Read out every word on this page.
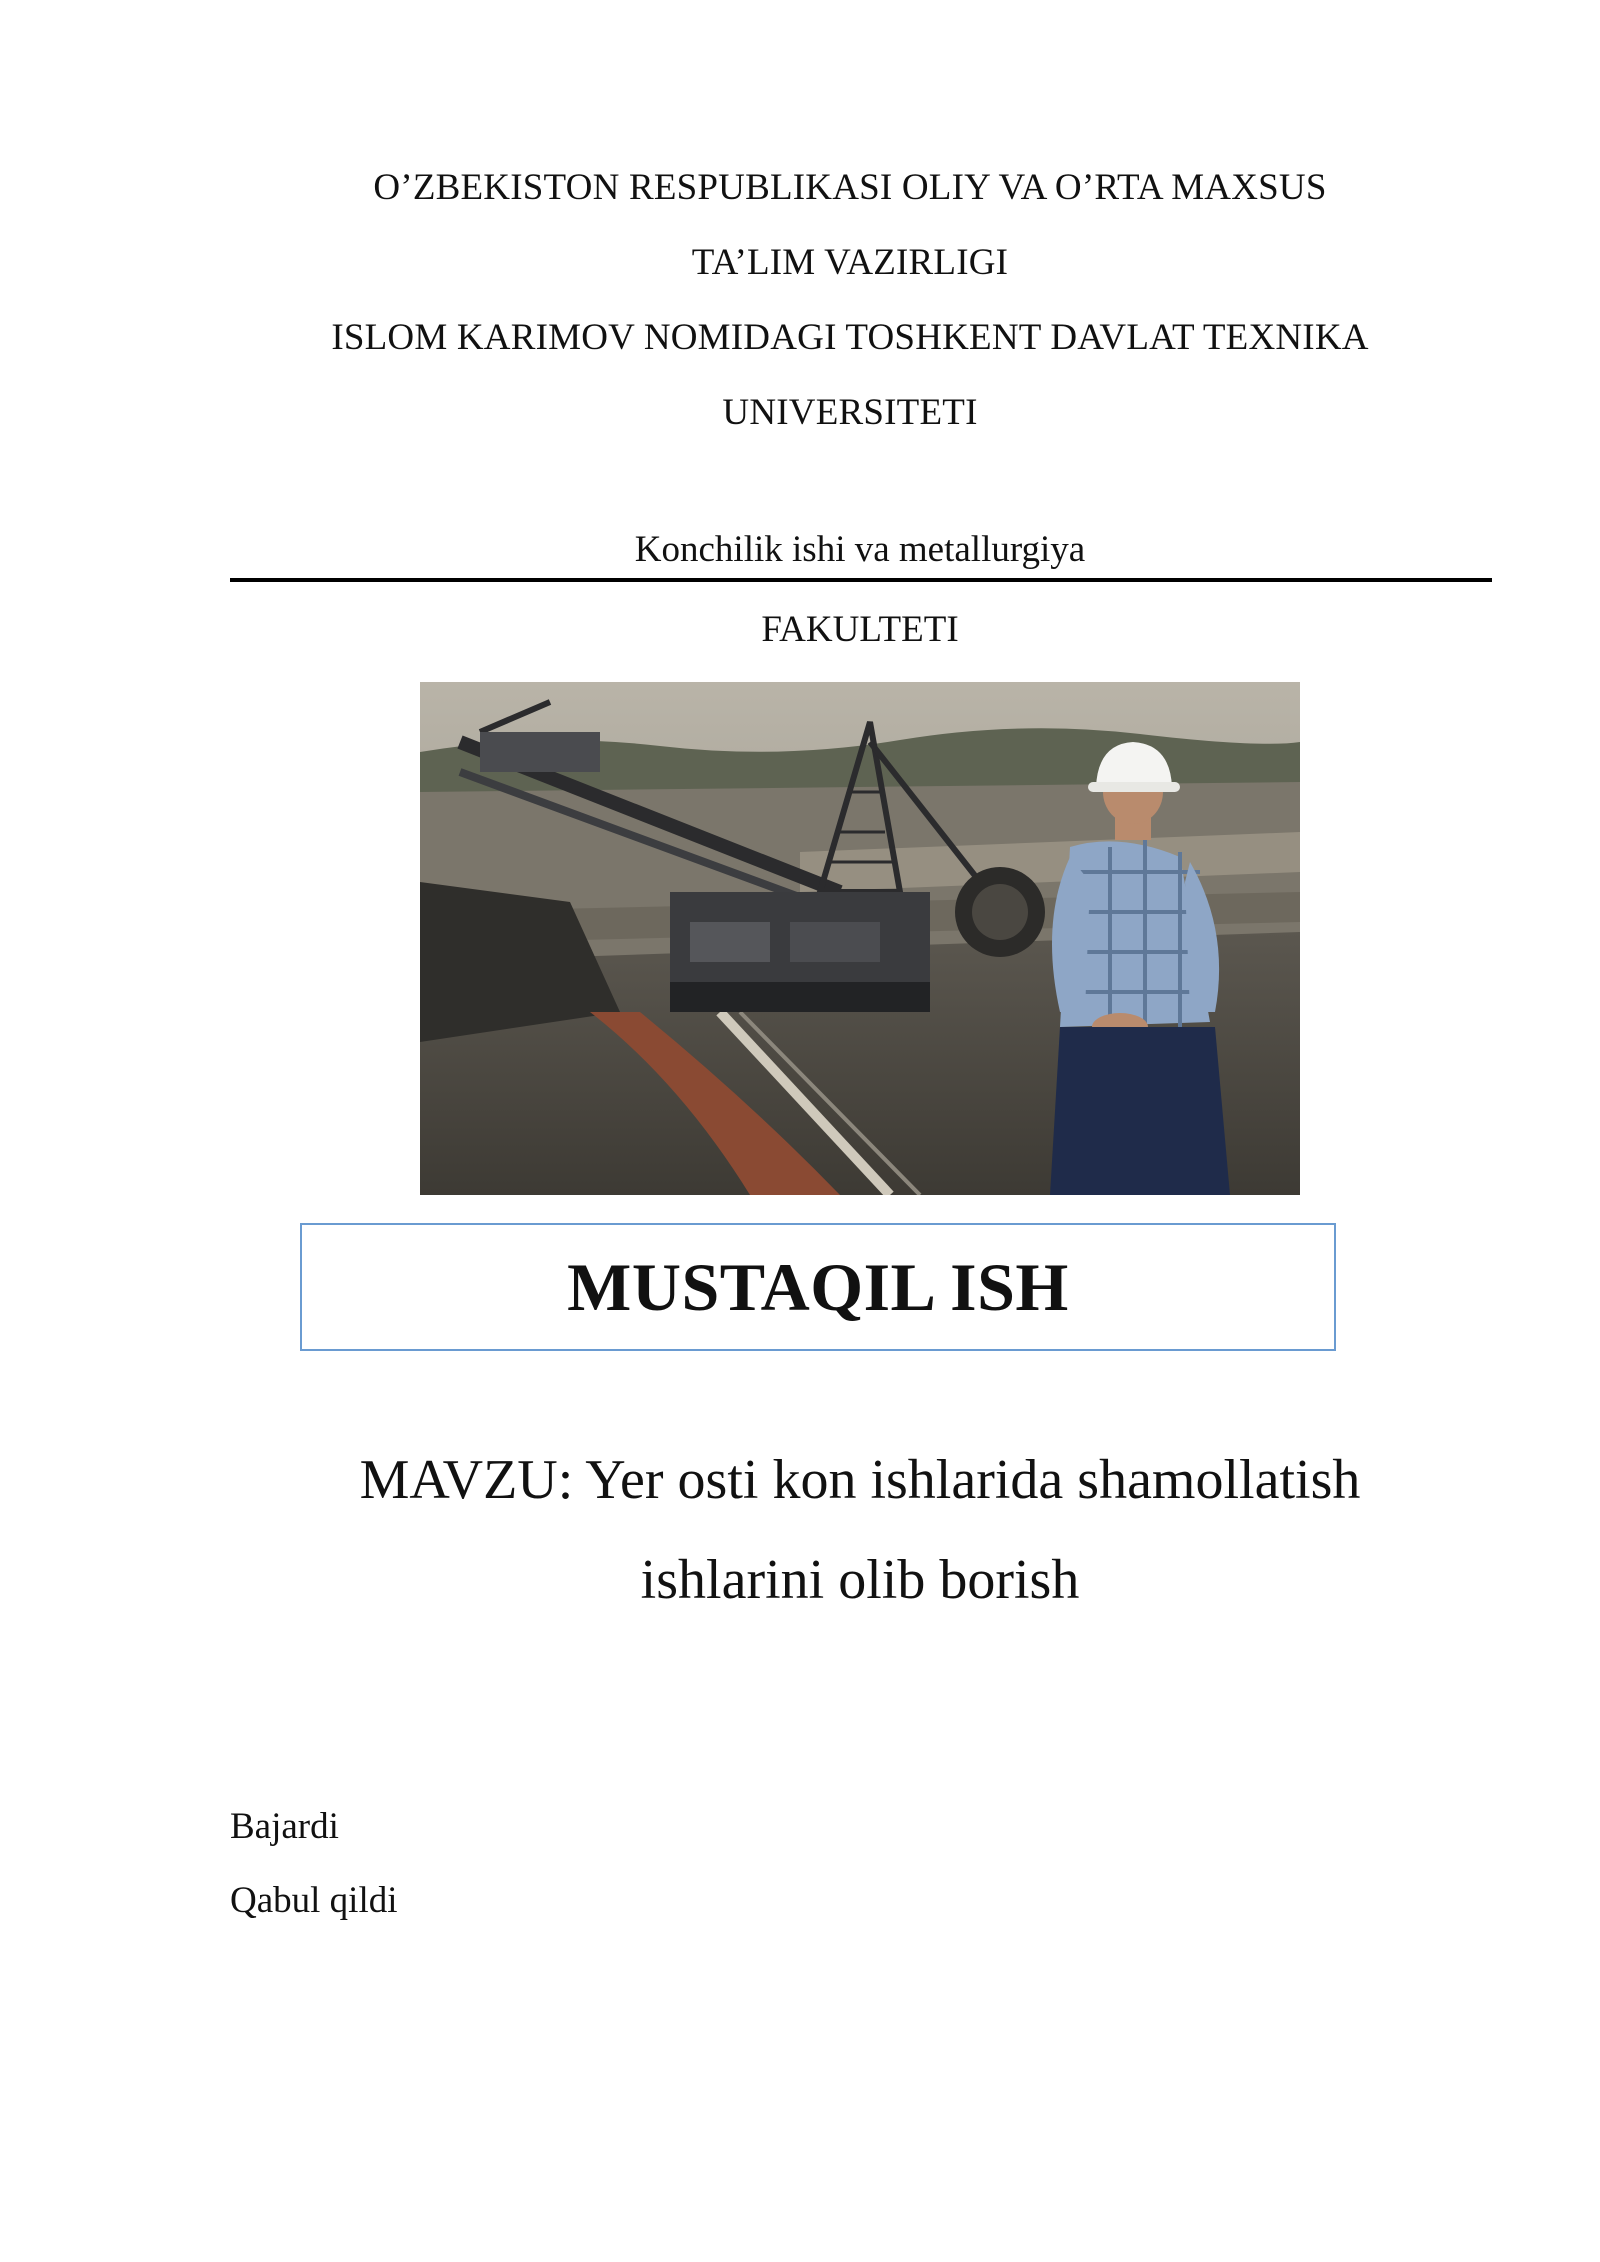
O’ZBEKISTON RESPUBLIKASI OLIY VA O’RTA MAXSUS
TA’LIM VAZIRLIGI
ISLOM KARIMOV NOMIDAGI TOSHKENT DAVLAT TEXNIKA
UNIVERSITETI
Konchilik ishi va metallurgiya
FAKULTETI
MUSTAQIL ISH
MAVZU: Yer osti kon ishlarida shamollatish
ishlarini olib borish
Bajardi
Qabul qildi
